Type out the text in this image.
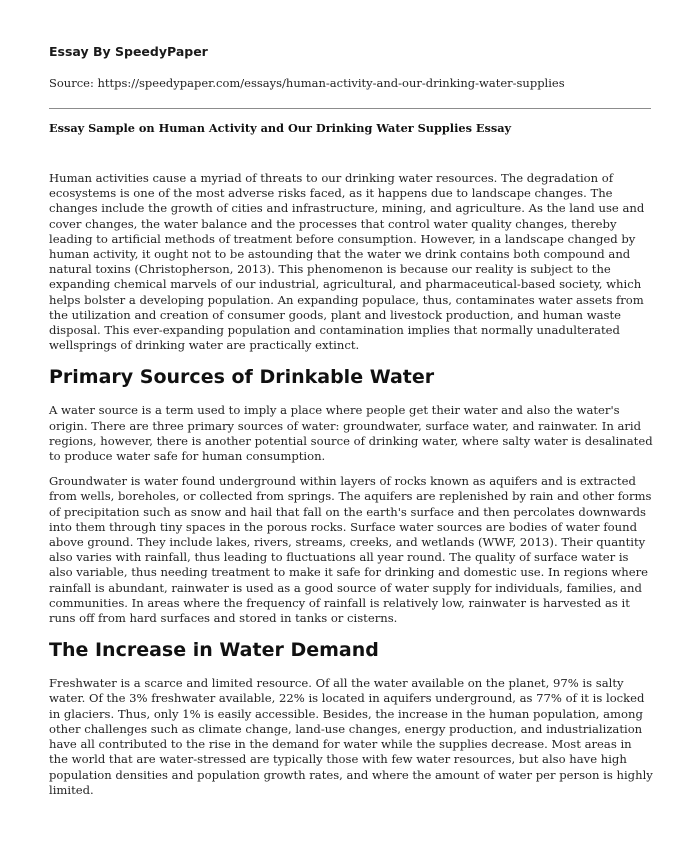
Essay By SpeedyPaper
Source: https://speedypaper.com/essays/human-activity-and-our-drinking-water-supplies
Essay Sample on Human Activity and Our Drinking Water Supplies Essay

Human activities cause a myriad of threats to our drinking water resources. The degradation of ecosystems is one of the most adverse risks faced, as it happens due to landscape changes. The changes include the growth of cities and infrastructure, mining, and agriculture. As the land use and cover changes, the water balance and the processes that control water quality changes, thereby leading to artificial methods of treatment before consumption. However, in a landscape changed by human activity, it ought not to be astounding that the water we drink contains both compound and natural toxins (Christopherson, 2013). This phenomenon is because our reality is subject to the expanding chemical marvels of our industrial, agricultural, and pharmaceutical-based society, which helps bolster a developing population. An expanding populace, thus, contaminates water assets from the utilization and creation of consumer goods, plant and livestock production, and human waste disposal. This ever-expanding population and contamination implies that normally unadulterated wellsprings of drinking water are practically extinct.

Primary Sources of Drinkable Water

A water source is a term used to imply a place where people get their water and also the water's origin. There are three primary sources of water: groundwater, surface water, and rainwater. In arid regions, however, there is another potential source of drinking water, where salty water is desalinated to produce water safe for human consumption.

Groundwater is water found underground within layers of rocks known as aquifers and is extracted from wells, boreholes, or collected from springs. The aquifers are replenished by rain and other forms of precipitation such as snow and hail that fall on the earth's surface and then percolates downwards into them through tiny spaces in the porous rocks. Surface water sources are bodies of water found above ground. They include lakes, rivers, streams, creeks, and wetlands (WWF, 2013). Their quantity also varies with rainfall, thus leading to fluctuations all year round. The quality of surface water is also variable, thus needing treatment to make it safe for drinking and domestic use. In regions where rainfall is abundant, rainwater is used as a good source of water supply for individuals, families, and communities. In areas where the frequency of rainfall is relatively low, rainwater is harvested as it runs off from hard surfaces and stored in tanks or cisterns.

The Increase in Water Demand

Freshwater is a scarce and limited resource. Of all the water available on the planet, 97% is salty water. Of the 3% freshwater available, 22% is located in aquifers underground, as 77% of it is locked in glaciers. Thus, only 1% is easily accessible. Besides, the increase in the human population, among other challenges such as climate change, land-use changes, energy production, and industrialization have all contributed to the rise in the demand for water while the supplies decrease. Most areas in the world that are water-stressed are typically those with few water resources, but also have high population densities and population growth rates, and where the amount of water per person is highly limited.
